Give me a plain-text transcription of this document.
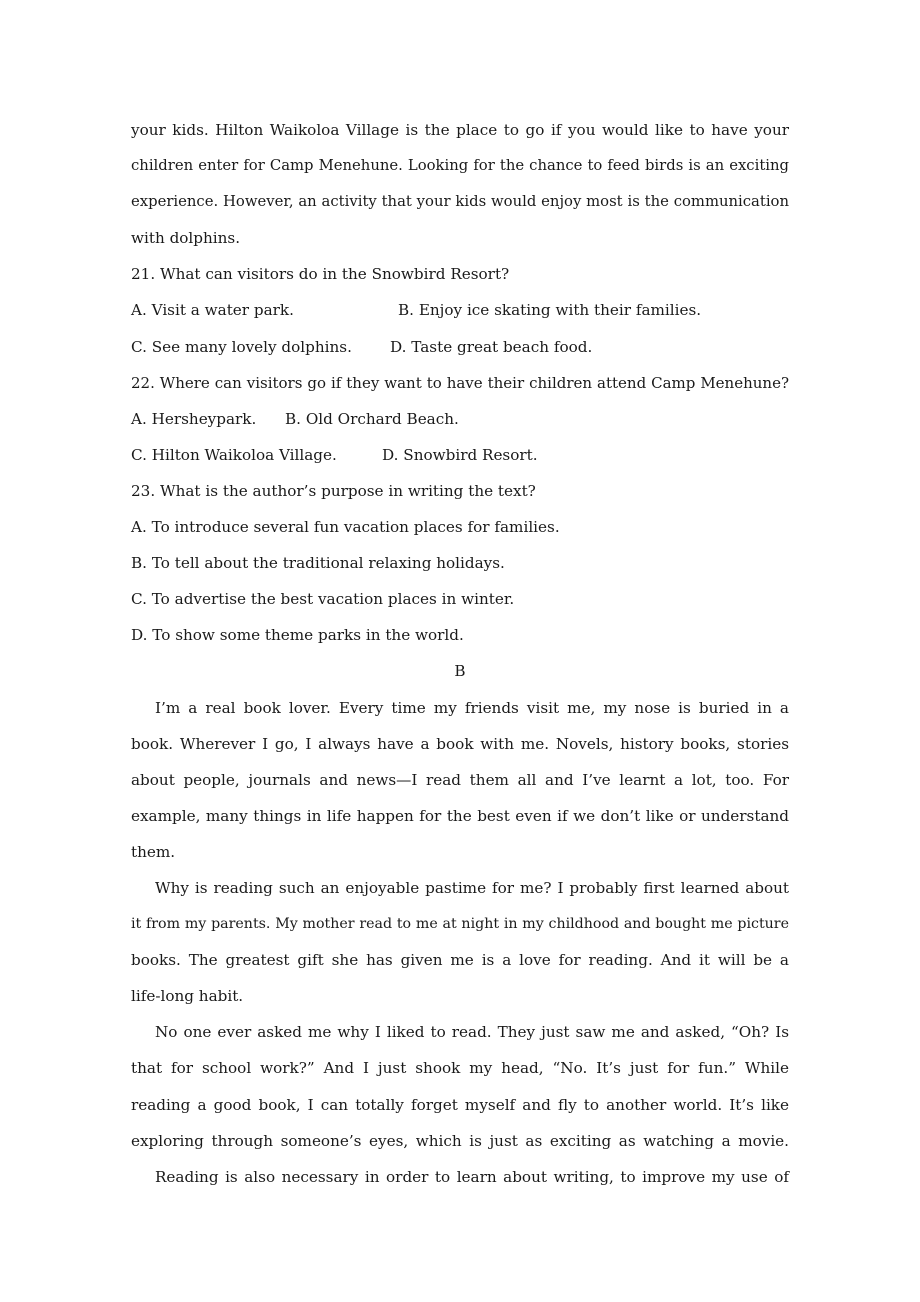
your kids. Hilton Waikoloa Village is the place to go if you would like to have your
children enter for Camp Menehune. Looking for the chance to feed birds is an exciting
experience. However, an activity that your kids would enjoy most is the communication
with dolphins.
21. What can visitors do in the Snowbird Resort?
A. Visit a water park.	B. Enjoy ice skating with their families.
C. See many lovely dolphins.	D. Taste great beach food.
22. Where can visitors go if they want to have their children attend Camp Menehune?
A. Hersheypark. B. Old Orchard Beach.
C. Hilton Waikoloa Village.	D. Snowbird Resort.
23. What is the author’s purpose in writing the text?
A. To introduce several fun vacation places for families.
B. To tell about the traditional relaxing holidays.
C. To advertise the best vacation places in winter.
D. To show some theme parks in the world.
B
I’m a real book lover. Every time my friends visit me, my nose is buried in a
book. Wherever I go, I always have a book with me. Novels, history books, stories
about people, journals and news—I read them all and I’ve learnt a lot, too. For
example, many things in life happen for the best even if we don’t like or understand
them.
Why is reading such an enjoyable pastime for me? I probably first learned about
it from my parents. My mother read to me at night in my childhood and bought me picture
books. The greatest gift she has given me is a love for reading. And it will be a
life-long habit.
No one ever asked me why I liked to read. They just saw me and asked, “Oh? Is
that for school work?” And I just shook my head, “No. It’s just for fun.” While
reading a good book, I can totally forget myself and fly to another world. It’s like
exploring through someone’s eyes, which is just as exciting as watching a movie.
Reading is also necessary in order to learn about writing, to improve my use of
